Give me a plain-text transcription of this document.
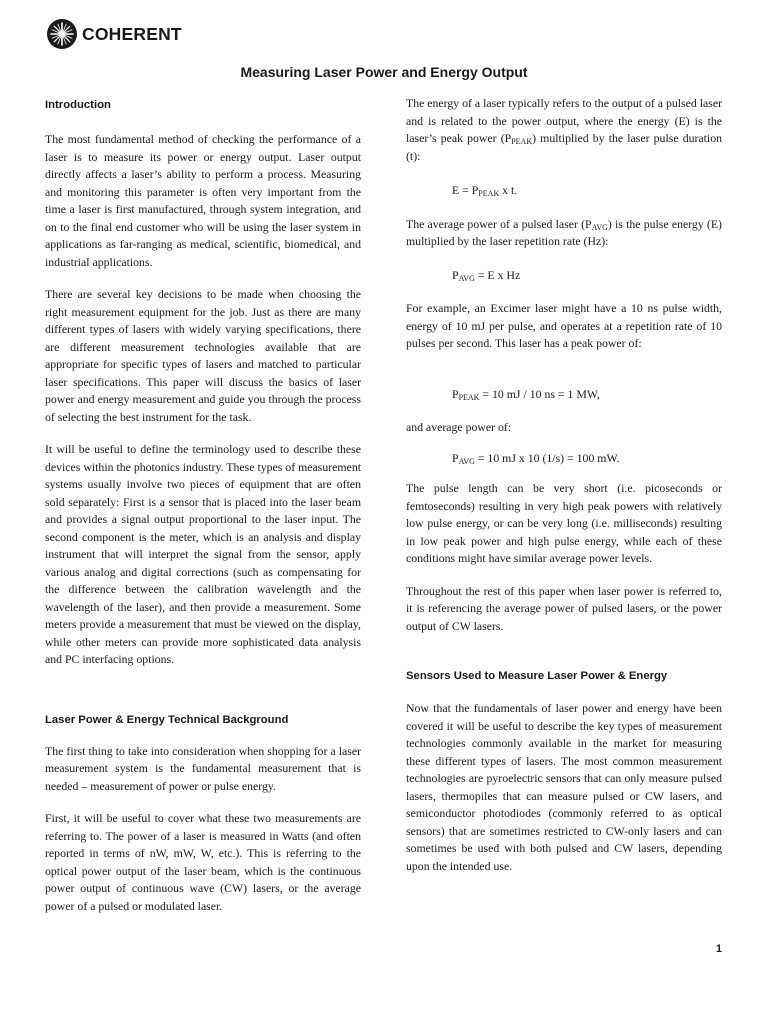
COHERENT
Measuring Laser Power and Energy Output
Introduction

The most fundamental method of checking the performance of a laser is to measure its power or energy output. Laser output directly affects a laser’s ability to perform a process. Measuring and monitoring this parameter is often very important from the time a laser is first manufactured, through system integration, and on to the final end customer who will be using the laser system in applications as far-ranging as medical, scientific, biomedical, and industrial applications.

There are several key decisions to be made when choosing the right measurement equipment for the job. Just as there are many different types of lasers with widely varying specifications, there are different measurement technologies available that are appropriate for specific types of lasers and matched to particular laser specifications. This paper will discuss the basics of laser power and energy measurement and guide you through the process of selecting the best instrument for the task.

It will be useful to define the terminology used to describe these devices within the photonics industry. These types of measurement systems usually involve two pieces of equipment that are often sold separately: First is a sensor that is placed into the laser beam and provides a signal output proportional to the laser input. The second component is the meter, which is an analysis and display instrument that will interpret the signal from the sensor, apply various analog and digital corrections (such as compensating for the difference between the calibration wavelength and the wavelength of the laser), and then provide a measurement. Some meters provide a measurement that must be viewed on the display, while other meters can provide more sophisticated data analysis and PC interfacing options.

Laser Power & Energy Technical Background

The first thing to take into consideration when shopping for a laser measurement system is the fundamental measurement that is needed – measurement of power or pulse energy.

First, it will be useful to cover what these two measurements are referring to. The power of a laser is measured in Watts (and often reported in terms of nW, mW, W, etc.). This is referring to the optical power output of the laser beam, which is the continuous power output of continuous wave (CW) lasers, or the average power of a pulsed or modulated laser.

The energy of a laser typically refers to the output of a pulsed laser and is related to the power output, where the energy (E) is the laser’s peak power $(P_{PEAK})$ multiplied by the laser pulse duration (t):

$E = P_{PEAK}$ x t.

The average power of a pulsed laser $(P_{AVG})$ is the pulse energy (E) multiplied by the laser repetition rate (Hz):

$P_{AVG} = E$ x Hz

For example, an Excimer laser might have a 10 ns pulse width, energy of 10 mJ per pulse, and operates at a repetition rate of 10 pulses per second. This laser has a peak power of:

$P_{PEAK} = 10$ mJ / 10 ns = 1 MW,

and average power of:

$P_{AVG} = 10$ mJ x 10 (1/s) = 100 mW.

The pulse length can be very short (i.e. picoseconds or femtoseconds) resulting in very high peak powers with relatively low pulse energy, or can be very long (i.e. milliseconds) resulting in low peak power and high pulse energy, while each of these conditions might have similar average power levels.

Throughout the rest of this paper when laser power is referred to, it is referencing the average power of pulsed lasers, or the power output of CW lasers.

Sensors Used to Measure Laser Power & Energy

Now that the fundamentals of laser power and energy have been covered it will be useful to describe the key types of measurement technologies commonly available in the market for measuring these different types of lasers. The most common measurement technologies are pyroelectric sensors that can only measure pulsed lasers, thermopiles that can measure pulsed or CW lasers, and semiconductor photodiodes (commonly referred to as optical sensors) that are sometimes restricted to CW-only lasers and can sometimes be used with both pulsed and CW lasers, depending upon the intended use.

1
